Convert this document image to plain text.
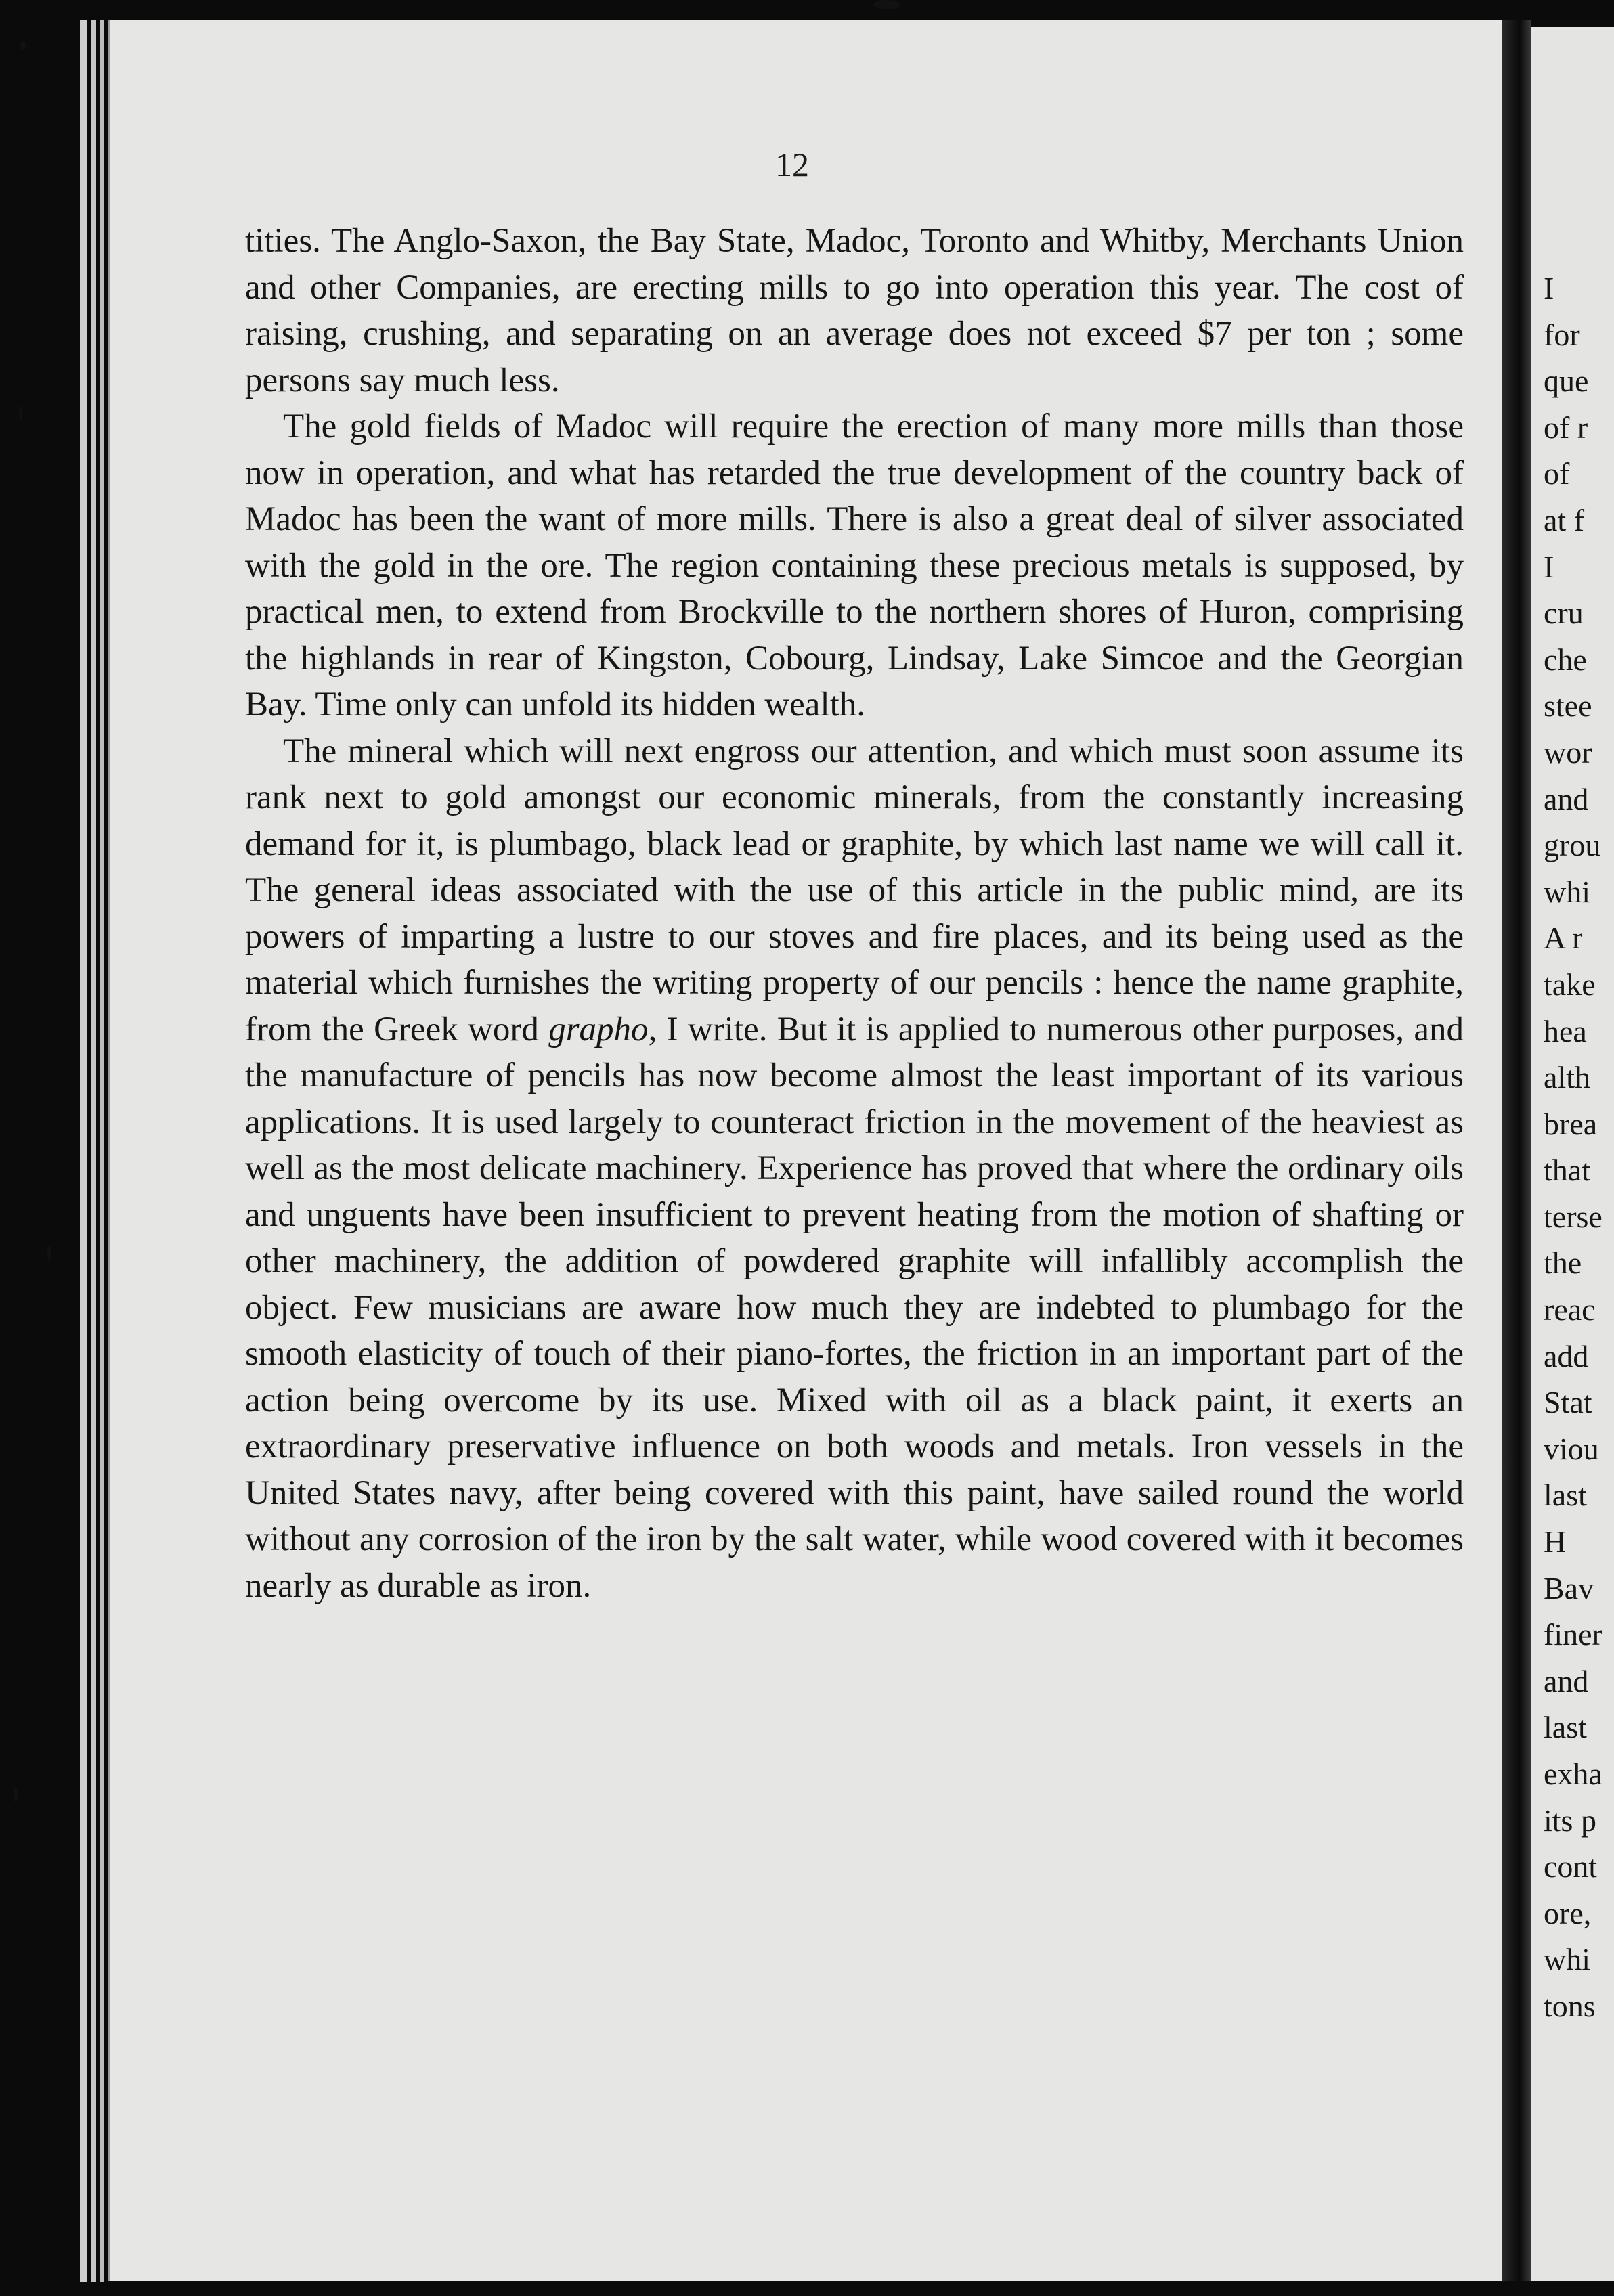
12

tities. The Anglo-Saxon, the Bay State, Madoc, Toronto and Whitby, Merchants Union and other Companies, are erecting mills to go into operation this year. The cost of raising, crushing, and separating on an average does not exceed $7 per ton ; some persons say much less.

The gold fields of Madoc will require the erection of many more mills than those now in operation, and what has retarded the true development of the country back of Madoc has been the want of more mills. There is also a great deal of silver associated with the gold in the ore. The region containing these precious metals is supposed, by practical men, to extend from Brockville to the northern shores of Huron, comprising the highlands in rear of Kingston, Cobourg, Lindsay, Lake Simcoe and the Georgian Bay. Time only can unfold its hidden wealth.

The mineral which will next engross our attention, and which must soon assume its rank next to gold amongst our economic minerals, from the constantly increasing demand for it, is plumbago, black lead or graphite, by which last name we will call it. The general ideas associated with the use of this article in the public mind, are its powers of imparting a lustre to our stoves and fire places, and its being used as the material which furnishes the writing property of our pencils : hence the name graphite, from the Greek word grapho, I write. But it is applied to numerous other purposes, and the manufacture of pencils has now become almost the least important of its various applications. It is used largely to counteract friction in the movement of the heaviest as well as the most delicate machinery. Experience has proved that where the ordinary oils and unguents have been insufficient to prevent heating from the motion of shafting or other machinery, the addition of powdered graphite will infallibly accomplish the object. Few musicians are aware how much they are indebted to plumbago for the smooth elasticity of touch of their piano-fortes, the friction in an important part of the action being overcome by its use. Mixed with oil as a black paint, it exerts an extraordinary preservative influence on both woods and metals. Iron vessels in the United States navy, after being covered with this paint, have sailed round the world without any corrosion of the iron by the salt water, while wood covered with it becomes nearly as durable as iron.

I
for
que
of r
of
at f
I
cru
che
stee
wor
and
grou
whi
A r
take
hea
alth
brea
that
terse
the
reac
add
Stat
viou
last
H
Bav
finer
and
last
exha
its p
cont
ore,
whi
tons
